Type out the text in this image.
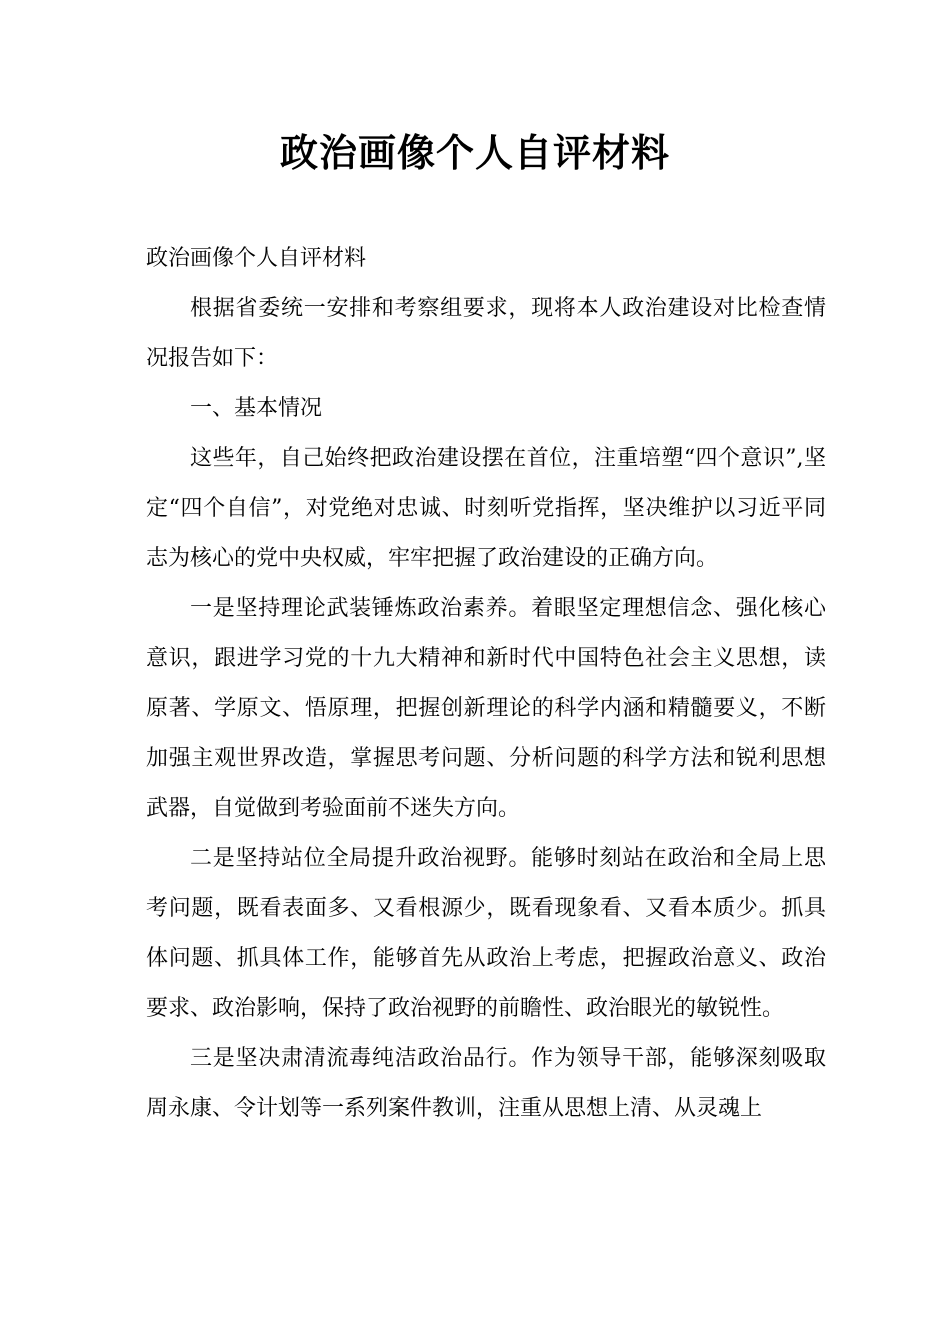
政治画像个人自评材料

政治画像个人自评材料

根据省委统一安排和考察组要求，现将本人政治建设对比检查情况报告如下：

一、基本情况

这些年，自己始终把政治建设摆在首位，注重培塑“四个意识”,坚定“四个自信”，对党绝对忠诚、时刻听党指挥，坚决维护以习近平同志为核心的党中央权威，牢牢把握了政治建设的正确方向。

一是坚持理论武装锤炼政治素养。着眼坚定理想信念、强化核心意识，跟进学习党的十九大精神和新时代中国特色社会主义思想，读原著、学原文、悟原理，把握创新理论的科学内涵和精髓要义，不断加强主观世界改造，掌握思考问题、分析问题的科学方法和锐利思想武器，自觉做到考验面前不迷失方向。

二是坚持站位全局提升政治视野。能够时刻站在政治和全局上思考问题，既看表面多、又看根源少，既看现象看、又看本质少。抓具体问题、抓具体工作，能够首先从政治上考虑，把握政治意义、政治要求、政治影响，保持了政治视野的前瞻性、政治眼光的敏锐性。

三是坚决肃清流毒纯洁政治品行。作为领导干部，能够深刻吸取周永康、令计划等一系列案件教训，注重从思想上清、从灵魂上
